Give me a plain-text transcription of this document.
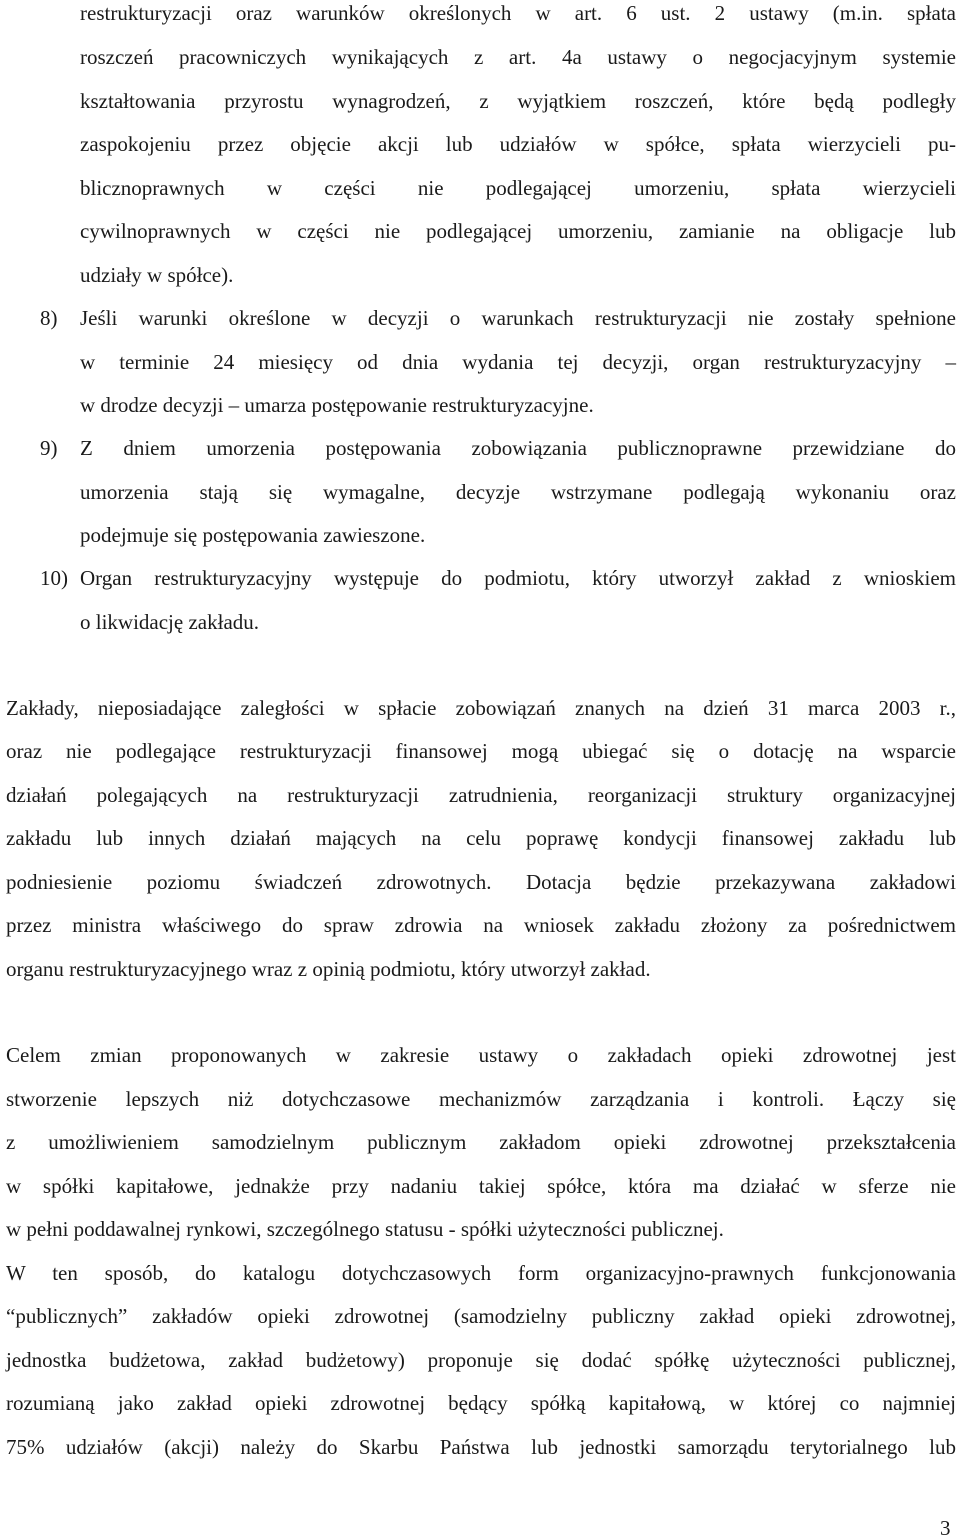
restrukturyzacji oraz warunków określonych w art. 6 ust. 2 ustawy (m.in. spłata

roszczeń pracowniczych wynikających z art. 4a ustawy o negocjacyjnym systemie

kształtowania przyrostu wynagrodzeń, z wyjątkiem roszczeń, które będą podległy

zaspokojeniu przez objęcie akcji lub udziałów w spółce, spłata wierzycieli pu-

blicznoprawnych w części nie podlegającej umorzeniu, spłata wierzycieli

cywilnoprawnych w części nie podlegającej umorzeniu, zamianie na obligacje lub

udziały w spółce).

8) Jeśli warunki określone w decyzji o warunkach restrukturyzacji nie zostały spełnione

w terminie 24 miesięcy od dnia wydania tej decyzji, organ restrukturyzacyjny –

w drodze decyzji – umarza postępowanie restrukturyzacyjne.

9) Z dniem umorzenia postępowania zobowiązania publicznoprawne przewidziane do

umorzenia stają się wymagalne, decyzje wstrzymane podlegają wykonaniu oraz

podejmuje się postępowania zawieszone.

10) Organ restrukturyzacyjny występuje do podmiotu, który utworzył zakład z wnioskiem

o likwidację zakładu.

Zakłady, nieposiadające zaległości w spłacie zobowiązań znanych na dzień 31 marca 2003 r.,

oraz nie podlegające restrukturyzacji finansowej mogą ubiegać się o dotację na wsparcie

działań polegających na restrukturyzacji zatrudnienia, reorganizacji struktury organizacyjnej

zakładu lub innych działań mających na celu poprawę kondycji finansowej zakładu lub

podniesienie poziomu świadczeń zdrowotnych. Dotacja będzie przekazywana zakładowi

przez ministra właściwego do spraw zdrowia na wniosek zakładu złożony za pośrednictwem

organu restrukturyzacyjnego wraz z opinią podmiotu, który utworzył zakład.

Celem zmian proponowanych w zakresie ustawy o zakładach opieki zdrowotnej jest

stworzenie lepszych niż dotychczasowe mechanizmów zarządzania i kontroli. Łączy się

z umożliwieniem samodzielnym publicznym zakładom opieki zdrowotnej przekształcenia

w spółki kapitałowe, jednakże przy nadaniu takiej spółce, która ma działać w sferze nie

w pełni poddawalnej rynkowi, szczególnego statusu - spółki użyteczności publicznej.

W ten sposób, do katalogu dotychczasowych form organizacyjno-prawnych funkcjonowania

“publicznych” zakładów opieki zdrowotnej (samodzielny publiczny zakład opieki zdrowotnej,

jednostka budżetowa, zakład budżetowy) proponuje się dodać spółkę użyteczności publicznej,

rozumianą jako zakład opieki zdrowotnej będący spółką kapitałową, w której co najmniej

75% udziałów (akcji) należy do Skarbu Państwa lub jednostki samorządu terytorialnego lub

3
